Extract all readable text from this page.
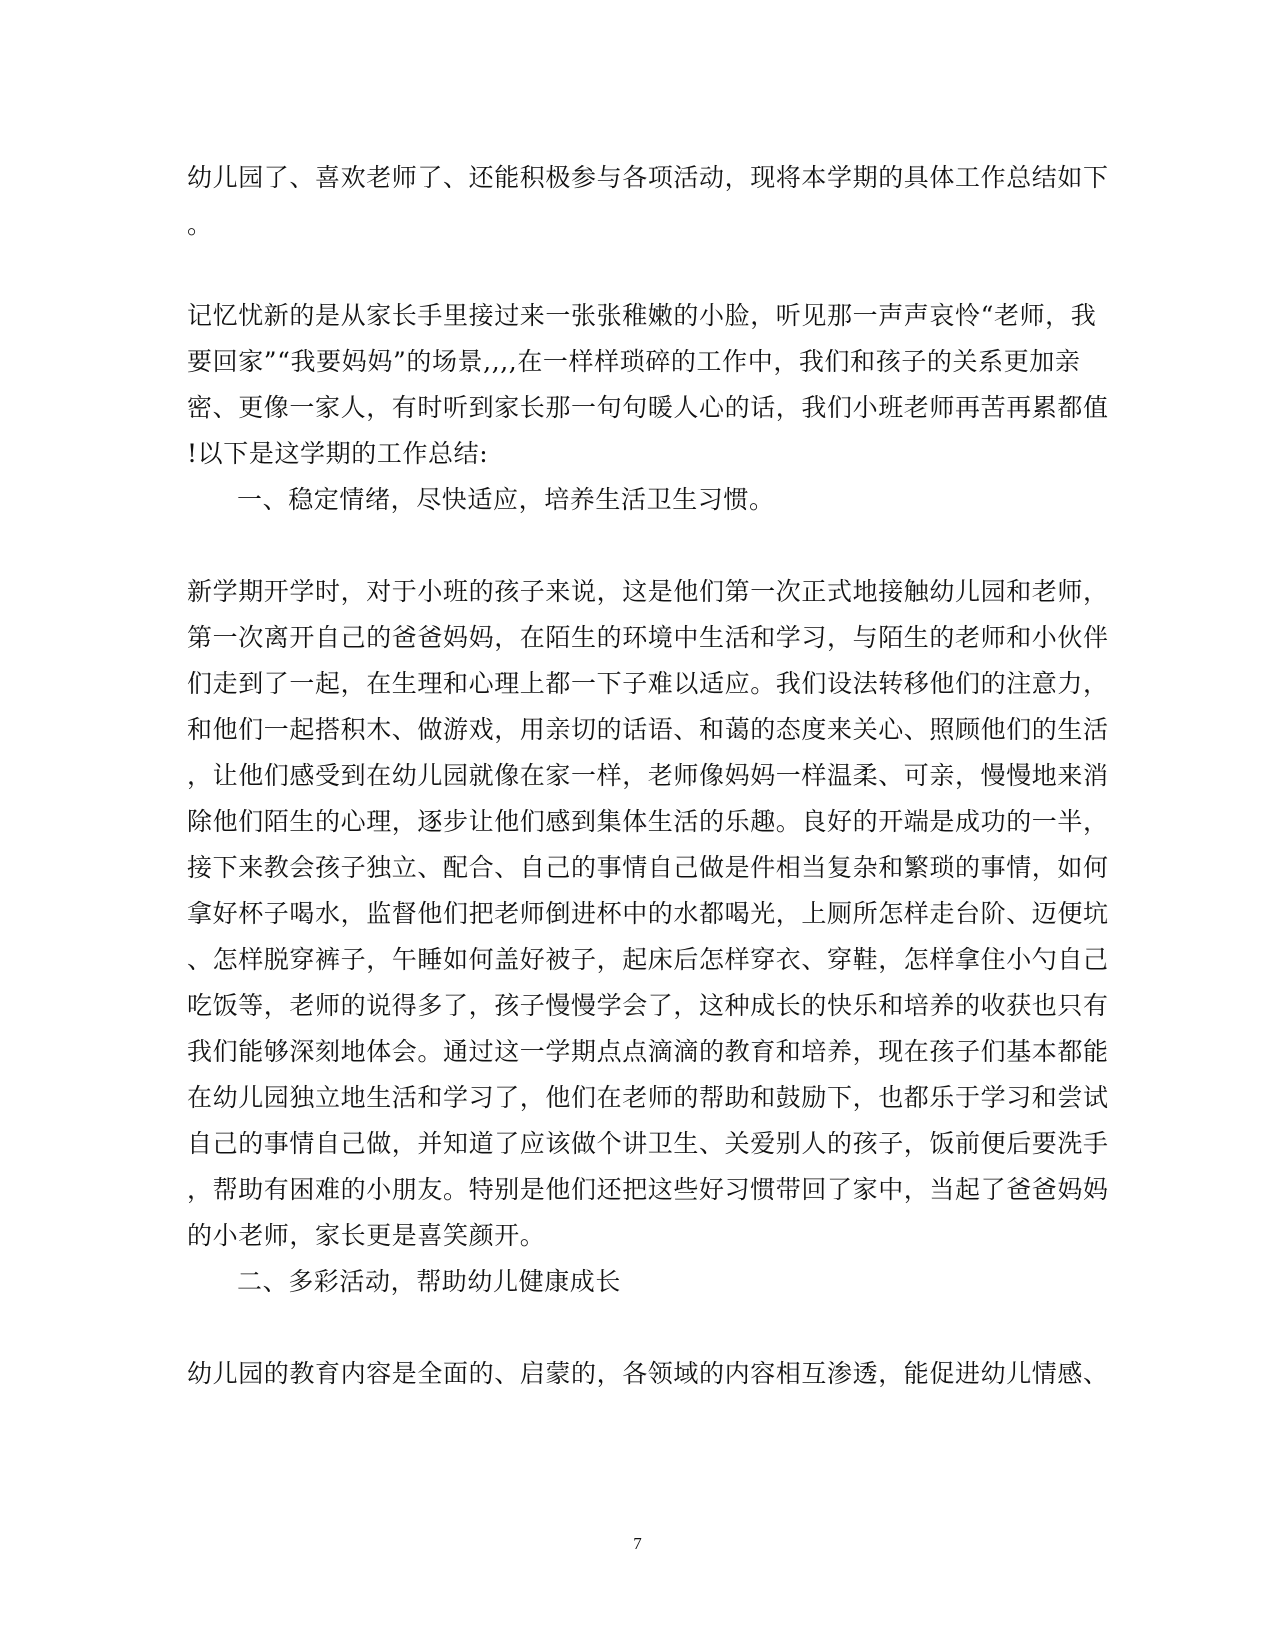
幼儿园了、喜欢老师了、还能积极参与各项活动，现将本学期的具体工作总结如下
。
记忆忧新的是从家长手里接过来一张张稚嫩的小脸，听见那一声声哀怜“老师，我
要回家”“我要妈妈”的场景,,,,在一样样琐碎的工作中，我们和孩子的关系更加亲
密、更像一家人，有时听到家长那一句句暖人心的话，我们小班老师再苦再累都值
!以下是这学期的工作总结:
一、稳定情绪，尽快适应，培养生活卫生习惯。
新学期开学时，对于小班的孩子来说，这是他们第一次正式地接触幼儿园和老师，
第一次离开自己的爸爸妈妈，在陌生的环境中生活和学习，与陌生的老师和小伙伴
们走到了一起，在生理和心理上都一下子难以适应。我们设法转移他们的注意力，
和他们一起搭积木、做游戏，用亲切的话语、和蔼的态度来关心、照顾他们的生活
，让他们感受到在幼儿园就像在家一样，老师像妈妈一样温柔、可亲，慢慢地来消
除他们陌生的心理，逐步让他们感到集体生活的乐趣。良好的开端是成功的一半，
接下来教会孩子独立、配合、自己的事情自己做是件相当复杂和繁琐的事情，如何
拿好杯子喝水，监督他们把老师倒进杯中的水都喝光，上厕所怎样走台阶、迈便坑
、怎样脱穿裤子，午睡如何盖好被子，起床后怎样穿衣、穿鞋，怎样拿住小勺自己
吃饭等，老师的说得多了，孩子慢慢学会了，这种成长的快乐和培养的收获也只有
我们能够深刻地体会。通过这一学期点点滴滴的教育和培养，现在孩子们基本都能
在幼儿园独立地生活和学习了，他们在老师的帮助和鼓励下，也都乐于学习和尝试
自己的事情自己做，并知道了应该做个讲卫生、关爱别人的孩子，饭前便后要洗手
，帮助有困难的小朋友。特别是他们还把这些好习惯带回了家中，当起了爸爸妈妈
的小老师，家长更是喜笑颜开。
二、多彩活动，帮助幼儿健康成长
幼儿园的教育内容是全面的、启蒙的，各领域的内容相互渗透，能促进幼儿情感、
7
